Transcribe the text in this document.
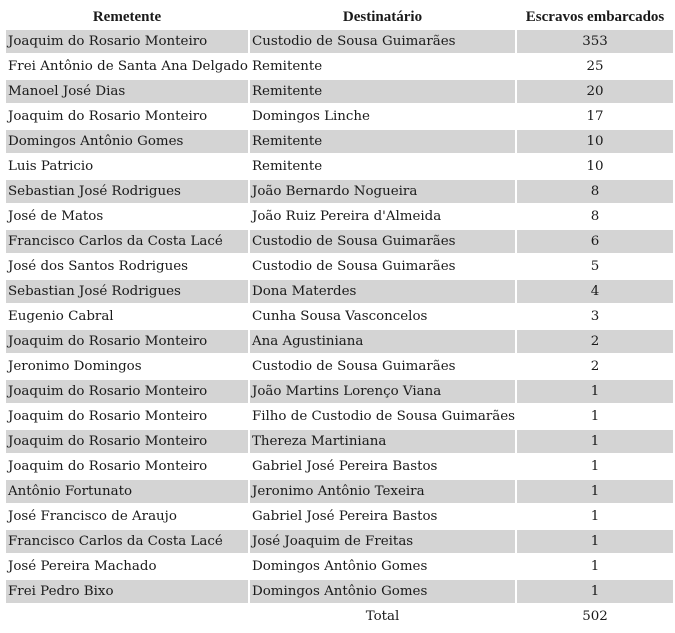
Remetente	Destinatário	Escravos embarcados
Joaquim do Rosario Monteiro	Custodio de Sousa Guimarães	353
Frei Antônio de Santa Ana Delgado	Remitente	25
Manoel José Dias	Remitente	20
Joaquim do Rosario Monteiro	Domingos Linche	17
Domingos Antônio Gomes	Remitente	10
Luis Patricio	Remitente	10
Sebastian José Rodrigues	João Bernardo Nogueira	8
José de Matos	João Ruiz Pereira d'Almeida	8
Francisco Carlos da Costa Lacé	Custodio de Sousa Guimarães	6
José dos Santos Rodrigues	Custodio de Sousa Guimarães	5
Sebastian José Rodrigues	Dona Materdes	4
Eugenio Cabral	Cunha Sousa Vasconcelos	3
Joaquim do Rosario Monteiro	Ana Agustiniana	2
Jeronimo Domingos	Custodio de Sousa Guimarães	2
Joaquim do Rosario Monteiro	João Martins Lorenço Viana	1
Joaquim do Rosario Monteiro	Filho de Custodio de Sousa Guimarães	1
Joaquim do Rosario Monteiro	Thereza Martiniana	1
Joaquim do Rosario Monteiro	Gabriel José Pereira Bastos	1
Antônio Fortunato	Jeronimo Antônio Texeira	1
José Francisco de Araujo	Gabriel José Pereira Bastos	1
Francisco Carlos da Costa Lacé	José Joaquim de Freitas	1
José Pereira Machado	Domingos Antônio Gomes	1
Frei Pedro Bixo	Domingos Antônio Gomes	1
	Total	502
